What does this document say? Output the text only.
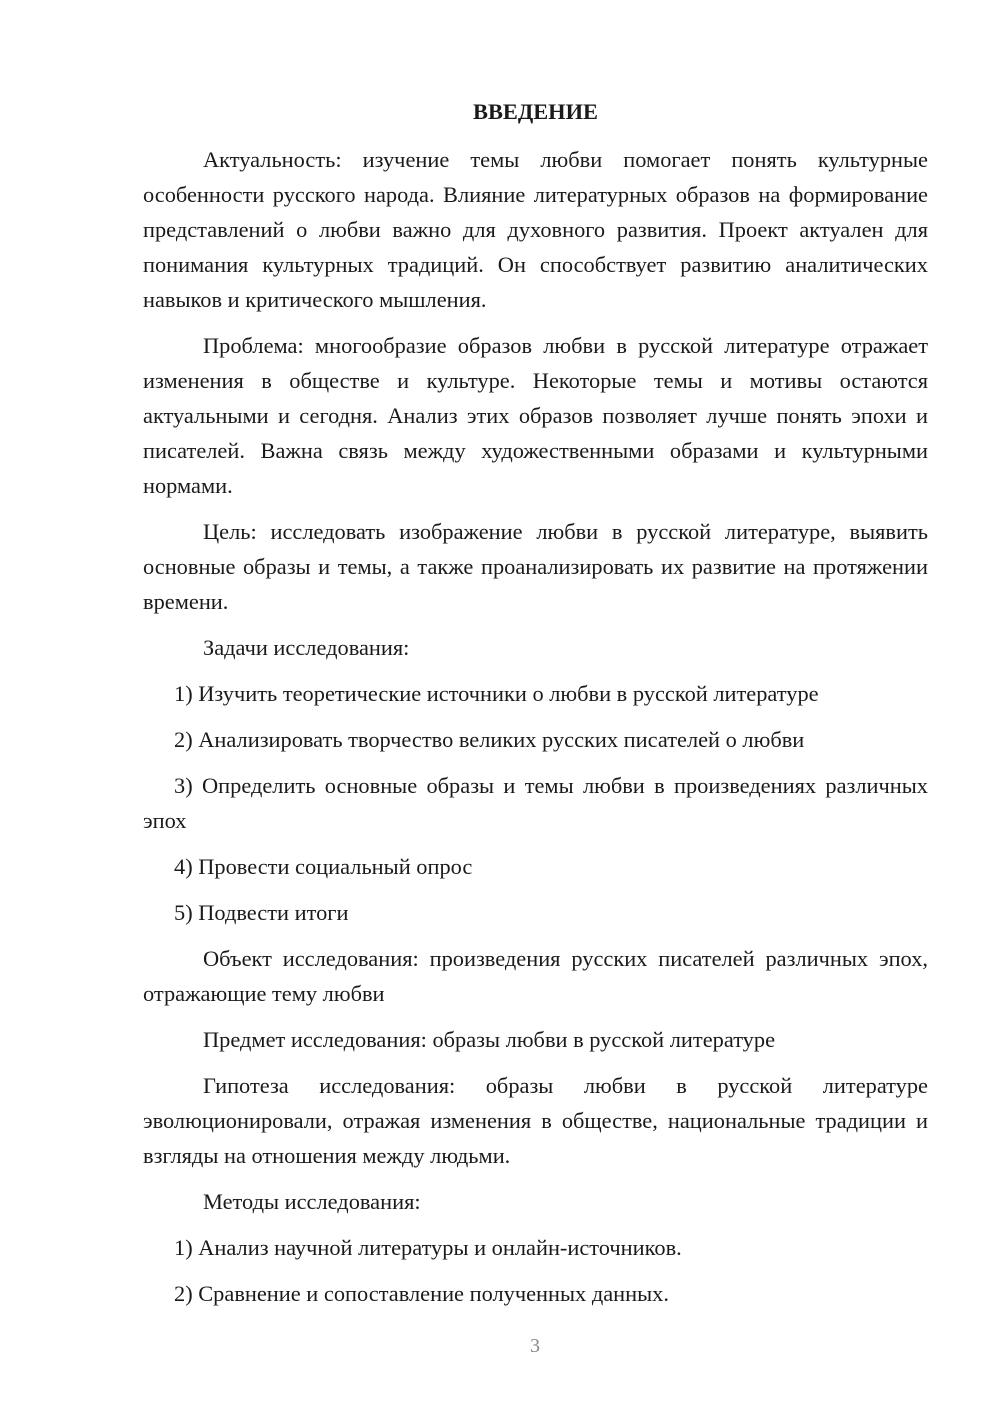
ВВЕДЕНИЕ
Актуальность: изучение темы любви помогает понять культурные особенности русского народа. Влияние литературных образов на формирование представлений о любви важно для духовного развития. Проект актуален для понимания культурных традиций. Он способствует развитию аналитических навыков и критического мышления.
Проблема: многообразие образов любви в русской литературе отражает изменения в обществе и культуре. Некоторые темы и мотивы остаются актуальными и сегодня. Анализ этих образов позволяет лучше понять эпохи и писателей. Важна связь между художественными образами и культурными нормами.
Цель: исследовать изображение любви в русской литературе, выявить основные образы и темы, а также проанализировать их развитие на протяжении времени.
Задачи исследования:
1) Изучить теоретические источники о любви в русской литературе
2) Анализировать творчество великих русских писателей о любви
3) Определить основные образы и темы любви в произведениях различных эпох
4) Провести социальный опрос
5) Подвести итоги
Объект исследования: произведения русских писателей различных эпох, отражающие тему любви
Предмет исследования: образы любви в русской литературе
Гипотеза исследования: образы любви в русской литературе эволюционировали, отражая изменения в обществе, национальные традиции и взгляды на отношения между людьми.
Методы исследования:
1) Анализ научной литературы и онлайн-источников.
2) Сравнение и сопоставление полученных данных.
3
